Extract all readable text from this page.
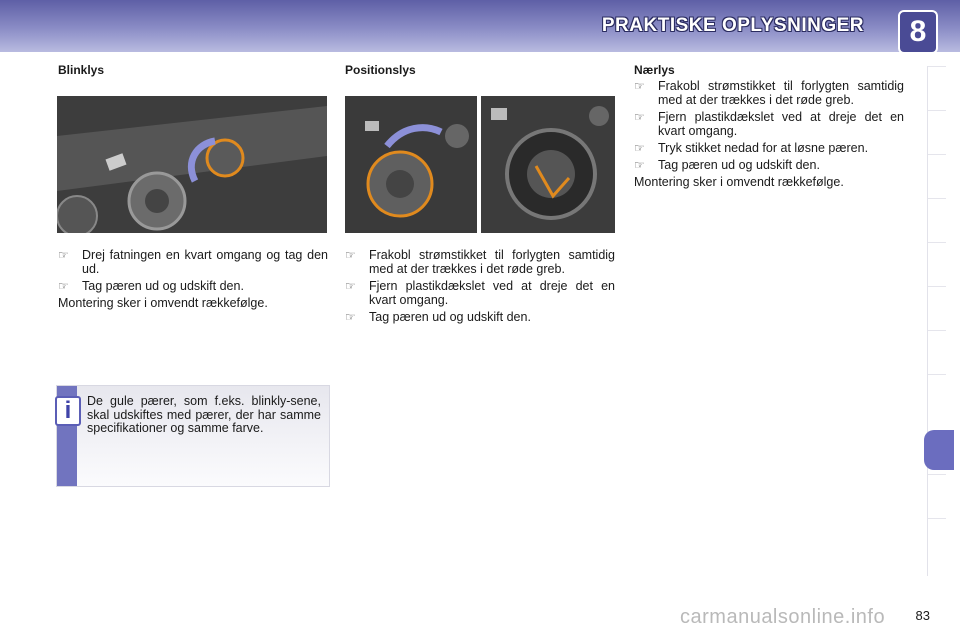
PRAKTISKE OPLYSNINGER	8
Blinklys
☞ Drej fatningen en kvart omgang og tag den ud.
☞ Tag pæren ud og udskift den.
Montering sker i omvendt rækkefølge.
Positionslys
☞ Frakobl strømstikket til forlygten samtidig med at der trækkes i det røde greb.
☞ Fjern plastikdækslet ved at dreje det en kvart omgang.
☞ Tag pæren ud og udskift den.
Nærlys
☞ Frakobl strømstikket til forlygten samtidig med at der trækkes i det røde greb.
☞ Fjern plastikdækslet ved at dreje det en kvart omgang.
☞ Tryk stikket nedad for at løsne pæren.
☞ Tag pæren ud og udskift den.
Montering sker i omvendt rækkefølge.
i	De gule pærer, som f.eks. blinkly-sene, skal udskiftes med pærer, der har samme specifikationer og samme farve.
83
carmanualsonline.info
